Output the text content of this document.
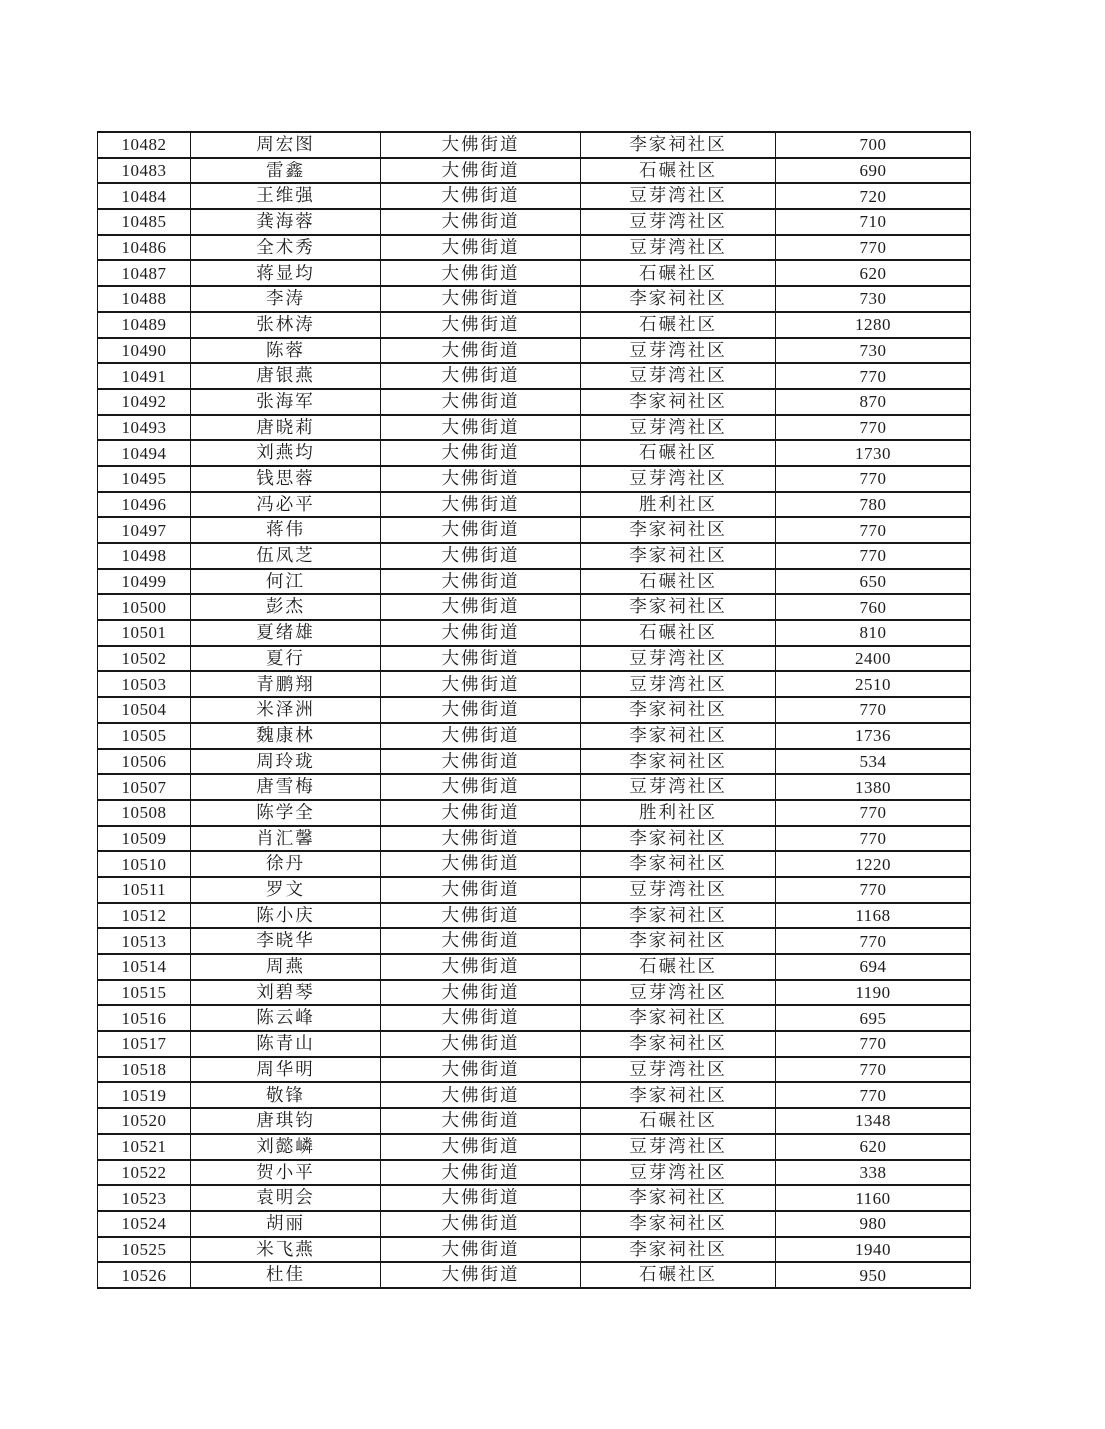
10482	周宏图	大佛街道	李家祠社区	700
10483	雷鑫	大佛街道	石碾社区	690
10484	王维强	大佛街道	豆芽湾社区	720
10485	龚海蓉	大佛街道	豆芽湾社区	710
10486	全术秀	大佛街道	豆芽湾社区	770
10487	蒋显均	大佛街道	石碾社区	620
10488	李涛	大佛街道	李家祠社区	730
10489	张林涛	大佛街道	石碾社区	1280
10490	陈蓉	大佛街道	豆芽湾社区	730
10491	唐银燕	大佛街道	豆芽湾社区	770
10492	张海军	大佛街道	李家祠社区	870
10493	唐晓莉	大佛街道	豆芽湾社区	770
10494	刘燕均	大佛街道	石碾社区	1730
10495	钱思蓉	大佛街道	豆芽湾社区	770
10496	冯必平	大佛街道	胜利社区	780
10497	蒋伟	大佛街道	李家祠社区	770
10498	伍凤芝	大佛街道	李家祠社区	770
10499	何江	大佛街道	石碾社区	650
10500	彭杰	大佛街道	李家祠社区	760
10501	夏绪雄	大佛街道	石碾社区	810
10502	夏行	大佛街道	豆芽湾社区	2400
10503	青鹏翔	大佛街道	豆芽湾社区	2510
10504	米泽洲	大佛街道	李家祠社区	770
10505	魏康林	大佛街道	李家祠社区	1736
10506	周玲珑	大佛街道	李家祠社区	534
10507	唐雪梅	大佛街道	豆芽湾社区	1380
10508	陈学全	大佛街道	胜利社区	770
10509	肖汇馨	大佛街道	李家祠社区	770
10510	徐丹	大佛街道	李家祠社区	1220
10511	罗文	大佛街道	豆芽湾社区	770
10512	陈小庆	大佛街道	李家祠社区	1168
10513	李晓华	大佛街道	李家祠社区	770
10514	周燕	大佛街道	石碾社区	694
10515	刘碧琴	大佛街道	豆芽湾社区	1190
10516	陈云峰	大佛街道	李家祠社区	695
10517	陈青山	大佛街道	李家祠社区	770
10518	周华明	大佛街道	豆芽湾社区	770
10519	敬锋	大佛街道	李家祠社区	770
10520	唐琪钧	大佛街道	石碾社区	1348
10521	刘懿嶙	大佛街道	豆芽湾社区	620
10522	贺小平	大佛街道	豆芽湾社区	338
10523	袁明会	大佛街道	李家祠社区	1160
10524	胡丽	大佛街道	李家祠社区	980
10525	米飞燕	大佛街道	李家祠社区	1940
10526	杜佳	大佛街道	石碾社区	950
